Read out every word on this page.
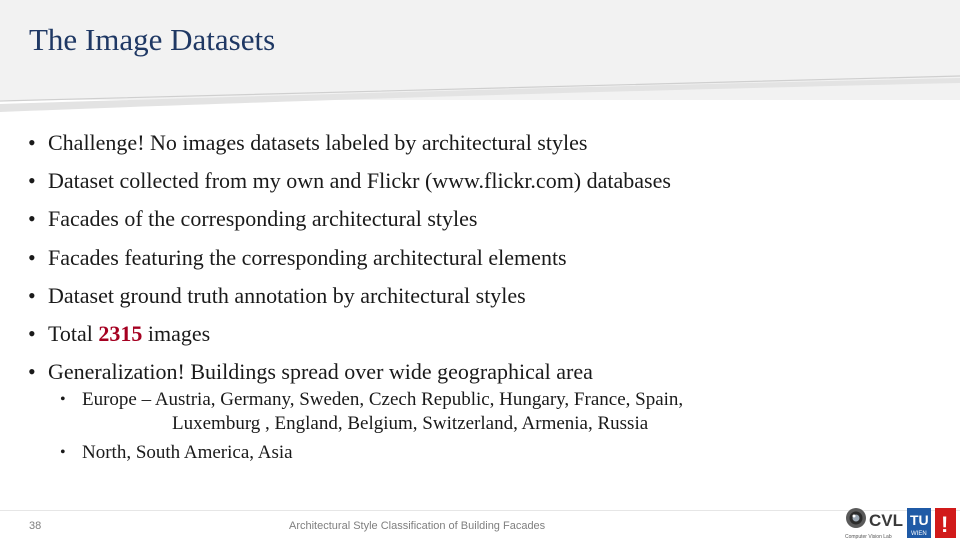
The Image Datasets
• Challenge! No images datasets labeled by architectural styles
• Dataset collected from my own and Flickr (www.flickr.com) databases
• Facades of the corresponding architectural styles
• Facades featuring the corresponding architectural elements
• Dataset ground truth annotation by architectural styles
• Total 2315 images
• Generalization! Buildings spread over wide geographical area
• Europe – Austria, Germany, Sweden, Czech Republic, Hungary, France, Spain,
Luxemburg , England, Belgium, Switzerland, Armenia, Russia
• North, South America, Asia
38	Architectural Style Classification of Building Facades	CVL
Computer Vision Lab
TU
WIEN !
